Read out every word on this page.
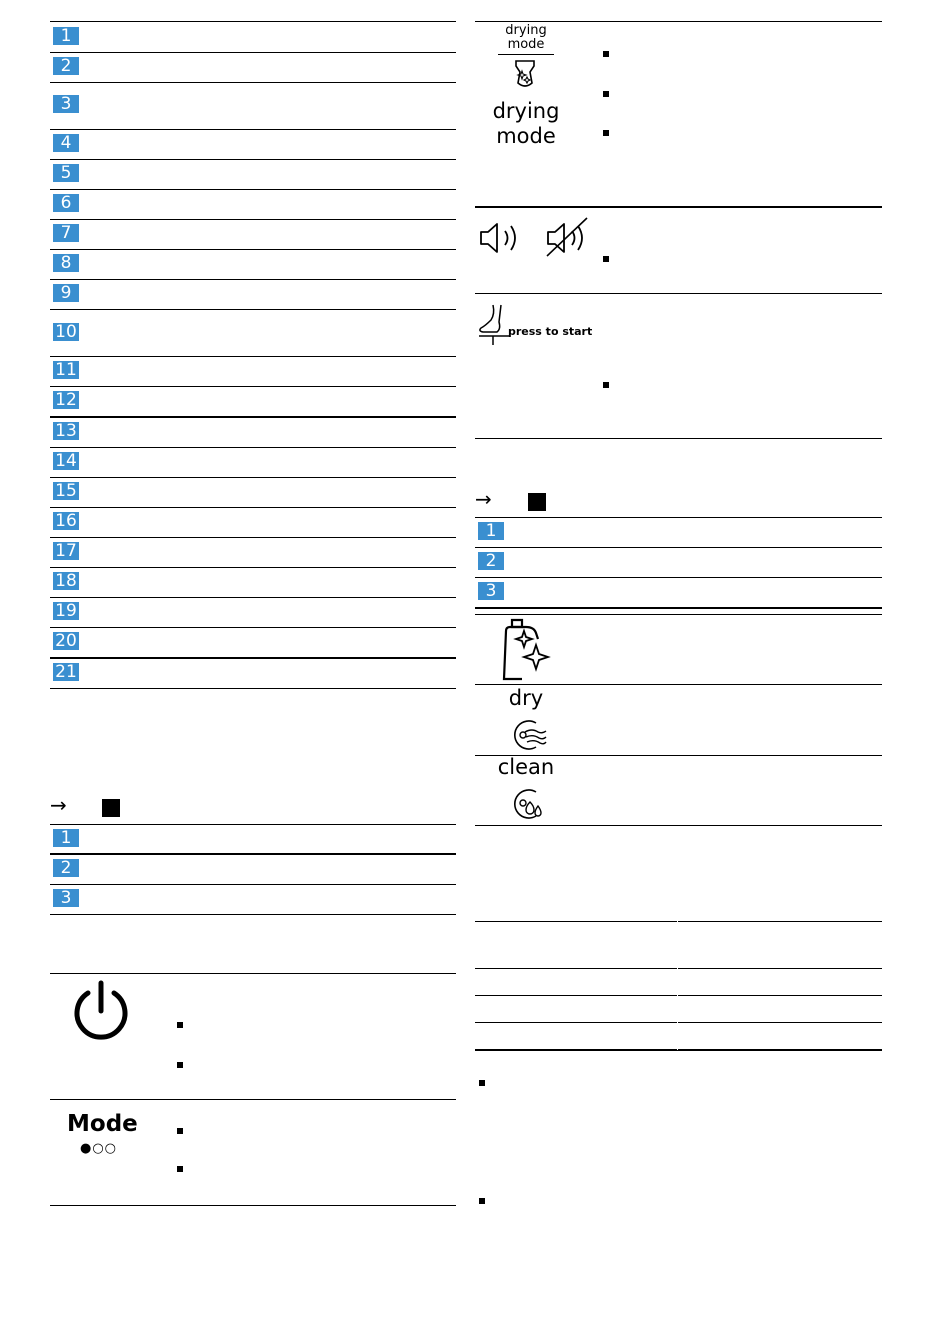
1
2
3
4
5
6
7
8
9
10
11
12
13
14
15
16
17
18
19
20
21
→
1
2
3
Mode
●○○
drying
mode
drying
mode
press to start
→
1
2
3
dry
clean
